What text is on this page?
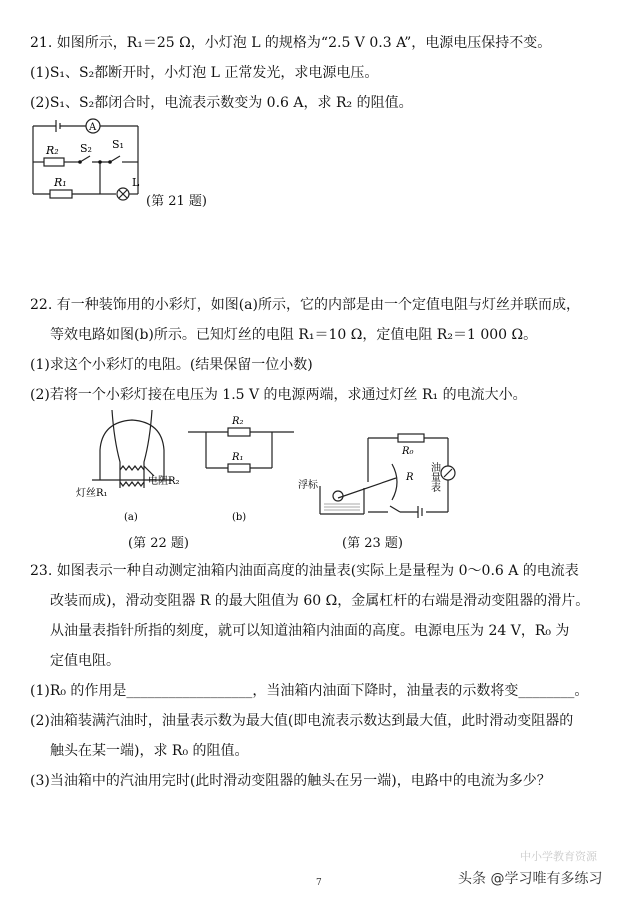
21. 如图所示，R₁＝25 Ω，小灯泡 L 的规格为“2.5 V 0.3 A”，电源电压保持不变。
(1)S₁、S₂都断开时，小灯泡 L 正常发光，求电源电压。
(2)S₁、S₂都闭合时，电流表示数变为 0.6 A，求 R₂ 的阻值。
A
R₂ S₂ S₁
R₁	L
(第 21 题)
22. 有一种装饰用的小彩灯，如图(a)所示，它的内部是由一个定值电阻与灯丝并联而成，
等效电路如图(b)所示。已知灯丝的电阻 R₁＝10 Ω，定值电阻 R₂＝1 000 Ω。
(1)求这个小彩灯的电阻。(结果保留一位小数)
(2)若将一个小彩灯接在电压为 1.5 V 的电源两端，求通过灯丝 R₁ 的电流大小。
灯丝R₁
电阻R₂
(a)
R₂
R₁
(b)
R₀
R
浮标	油量表
(第 22 题)	(第 23 题)
23. 如图表示一种自动测定油箱内油面高度的油量表(实际上是量程为 0～0.6 A 的电流表
改装而成)，滑动变阻器 R 的最大阻值为 60 Ω，金属杠杆的右端是滑动变阻器的滑片。
从油量表指针所指的刻度，就可以知道油箱内油面的高度。电源电压为 24 V，R₀ 为
定值电阻。
(1)R₀ 的作用是__________________，当油箱内油面下降时，油量表的示数将变________。
(2)油箱装满汽油时，油量表示数为最大值(即电流表示数达到最大值，此时滑动变阻器的
触头在某一端)，求 R₀ 的阻值。
(3)当油箱中的汽油用完时(此时滑动变阻器的触头在另一端)，电路中的电流为多少？
中小学教育资源
7	头条 @学习唯有多练习
